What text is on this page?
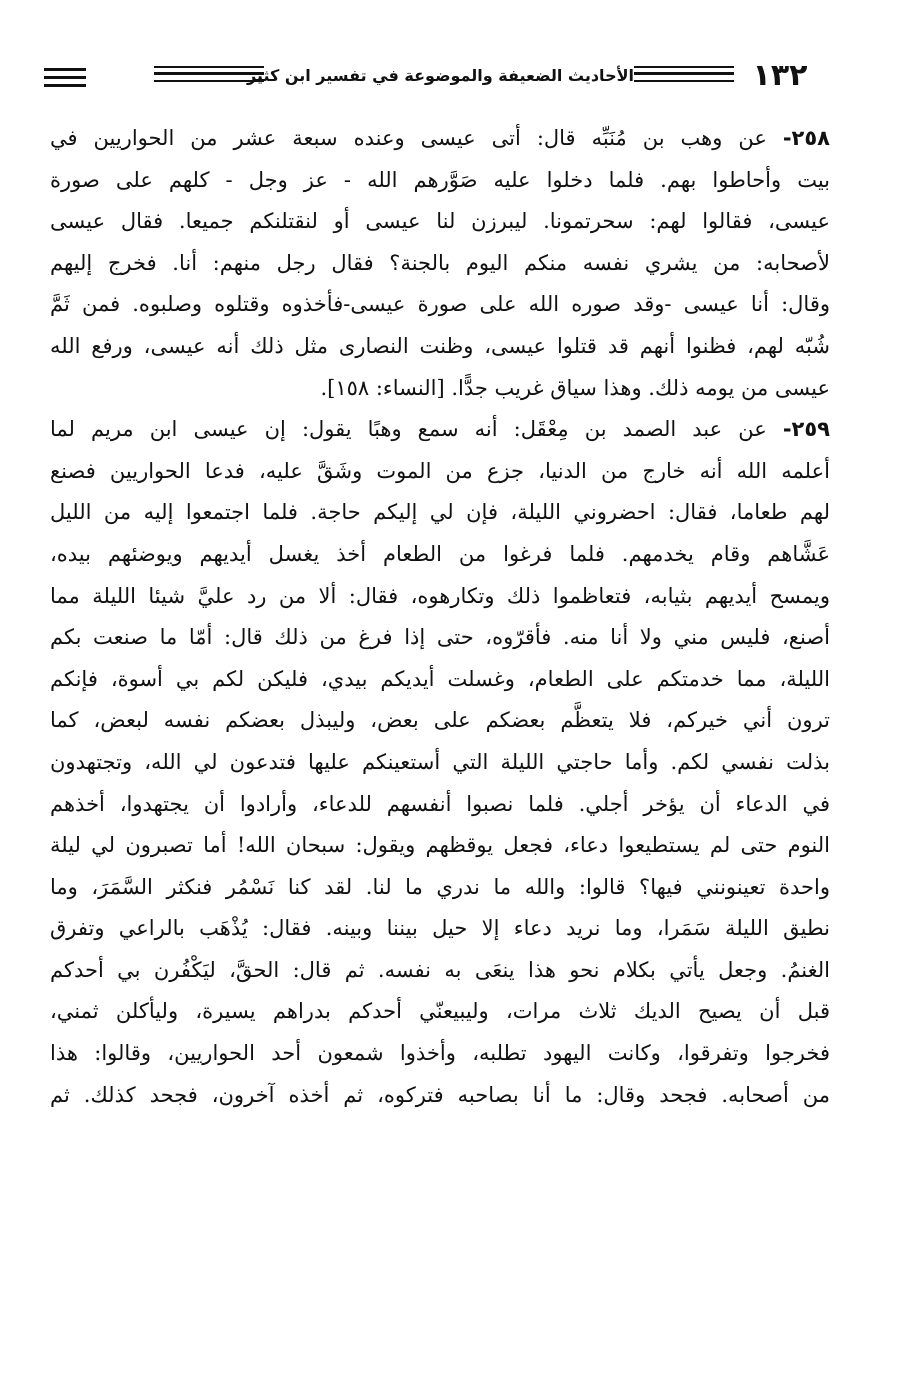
١٣٢
الأحاديث الضعيفة والموضوعة في تفسير ابن كثير
٢٥٨- عن وهب بن مُنَبِّه قال: أتى عيسى وعنده سبعة عشر من الحواريين في
بيت وأحاطوا بهم. فلما دخلوا عليه صَوَّرهم الله - عز وجل - كلهم على صورة
عيسى، فقالوا لهم: سحرتمونا. ليبرزن لنا عيسى أو لنقتلنكم جميعا. فقال عيسى
لأصحابه: من يشري نفسه منكم اليوم بالجنة؟ فقال رجل منهم: أنا. فخرج إليهم
وقال: أنا عيسى -وقد صوره الله على صورة عيسى-فأخذوه وقتلوه وصلبوه. فمن ثَمَّ
شُبّه لهم، فظنوا أنهم قد قتلوا عيسى، وظنت النصارى مثل ذلك أنه عيسى، ورفع الله
عيسى من يومه ذلك. وهذا سياق غريب جدًّا. [النساء: ١٥٨].
٢٥٩- عن عبد الصمد بن مِعْقَل: أنه سمع وهبًا يقول: إن عيسى ابن مريم لما
أعلمه الله أنه خارج من الدنيا، جزع من الموت وشَقَّ عليه، فدعا الحواريين فصنع
لهم طعاما، فقال: احضروني الليلة، فإن لي إليكم حاجة. فلما اجتمعوا إليه من الليل
عَشَّاهم وقام يخدمهم. فلما فرغوا من الطعام أخذ يغسل أيديهم ويوضئهم بيده،
ويمسح أيديهم بثيابه، فتعاظموا ذلك وتكارهوه، فقال: ألا من رد عليَّ شيئا الليلة مما
أصنع، فليس مني ولا أنا منه. فأقرّوه، حتى إذا فرغ من ذلك قال: أمّا ما صنعت بكم
الليلة، مما خدمتكم على الطعام، وغسلت أيديكم بيدي، فليكن لكم بي أسوة، فإنكم
ترون أني خيركم، فلا يتعظَّم بعضكم على بعض، وليبذل بعضكم نفسه لبعض، كما
بذلت نفسي لكم. وأما حاجتي الليلة التي أستعينكم عليها فتدعون لي الله، وتجتهدون
في الدعاء أن يؤخر أجلي. فلما نصبوا أنفسهم للدعاء، وأرادوا أن يجتهدوا، أخذهم
النوم حتى لم يستطيعوا دعاء، فجعل يوقظهم ويقول: سبحان الله! أما تصبرون لي ليلة
واحدة تعينونني فيها؟ قالوا: والله ما ندري ما لنا. لقد كنا نَسْمُر فنكثر السَّمَرَ، وما
نطيق الليلة سَمَرا، وما نريد دعاء إلا حيل بيننا وبينه. فقال: يُذْهَب بالراعي وتفرق
الغنمُ. وجعل يأتي بكلام نحو هذا ينعَى به نفسه. ثم قال: الحقَّ، ليَكْفُرن بي أحدكم
قبل أن يصيح الديك ثلاث مرات، وليبيعنّي أحدكم بدراهم يسيرة، وليأكلن ثمني،
فخرجوا وتفرقوا، وكانت اليهود تطلبه، وأخذوا شمعون أحد الحواريين، وقالوا: هذا
من أصحابه. فجحد وقال: ما أنا بصاحبه فتركوه، ثم أخذه آخرون، فجحد كذلك. ثم
